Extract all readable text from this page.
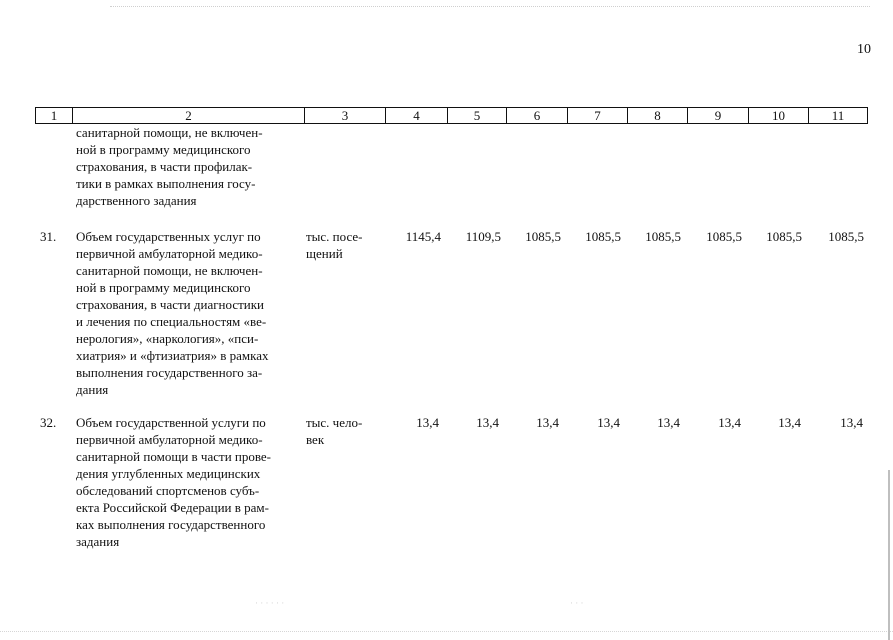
10
1	2	3	4	5	6	7	8	9	10	11
санитарной помощи, не включен-
ной в программу медицинского
страхования, в части профилак-
тики в рамках выполнения госу-
дарственного задания
31.	Объем государственных услуг по
первичной амбулаторной медико-
санитарной помощи, не включен-
ной в программу медицинского
страхования, в части диагностики
и лечения по специальностям «ве-
нерология», «наркология», «пси-
хиатрия» и «фтизиатрия» в рамках
выполнения государственного за-
дания
тыс. посе-
щений
1145,4	1109,5	1085,5	1085,5	1085,5	1085,5	1085,5	1085,5
32.	Объем государственной услуги по
первичной амбулаторной медико-
санитарной помощи в части прове-
дения углубленных медицинских
обследований спортсменов субъ-
екта Российской Федерации в рам-
ках выполнения государственного
задания
тыс. чело-
век
13,4	13,4	13,4	13,4	13,4	13,4	13,4	13,4
· · · · · ·	· · ·
